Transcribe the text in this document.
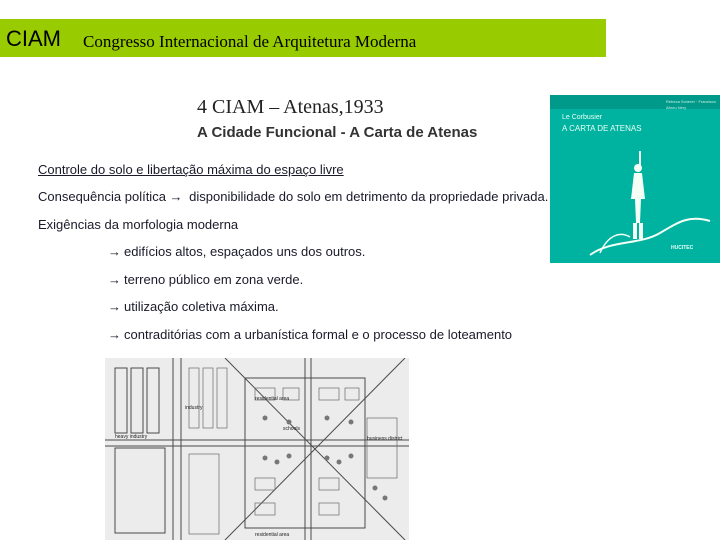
CIAM Congresso Internacional de Arquitetura Moderna
4 CIAM – Atenas,1933
A Cidade Funcional - A Carta de Atenas
Controle do solo e libertação máxima do espaço livre
Consequência política → disponibilidade do solo em detrimento da propriedade privada.
Exigências da morfologia moderna
→ edifícios altos, espaçados uns dos outros.
→ terreno público em zona verde.
→ utilização coletiva máxima.
→ contraditórias com a urbanística formal e o processo de loteamento
Rebeca Scherer · Francisco Abreu Nery
Le Corbusier
A CARTA DE ATENAS
HUCITEC
industry
heavy industry
residential area
schools
business district
residential area
